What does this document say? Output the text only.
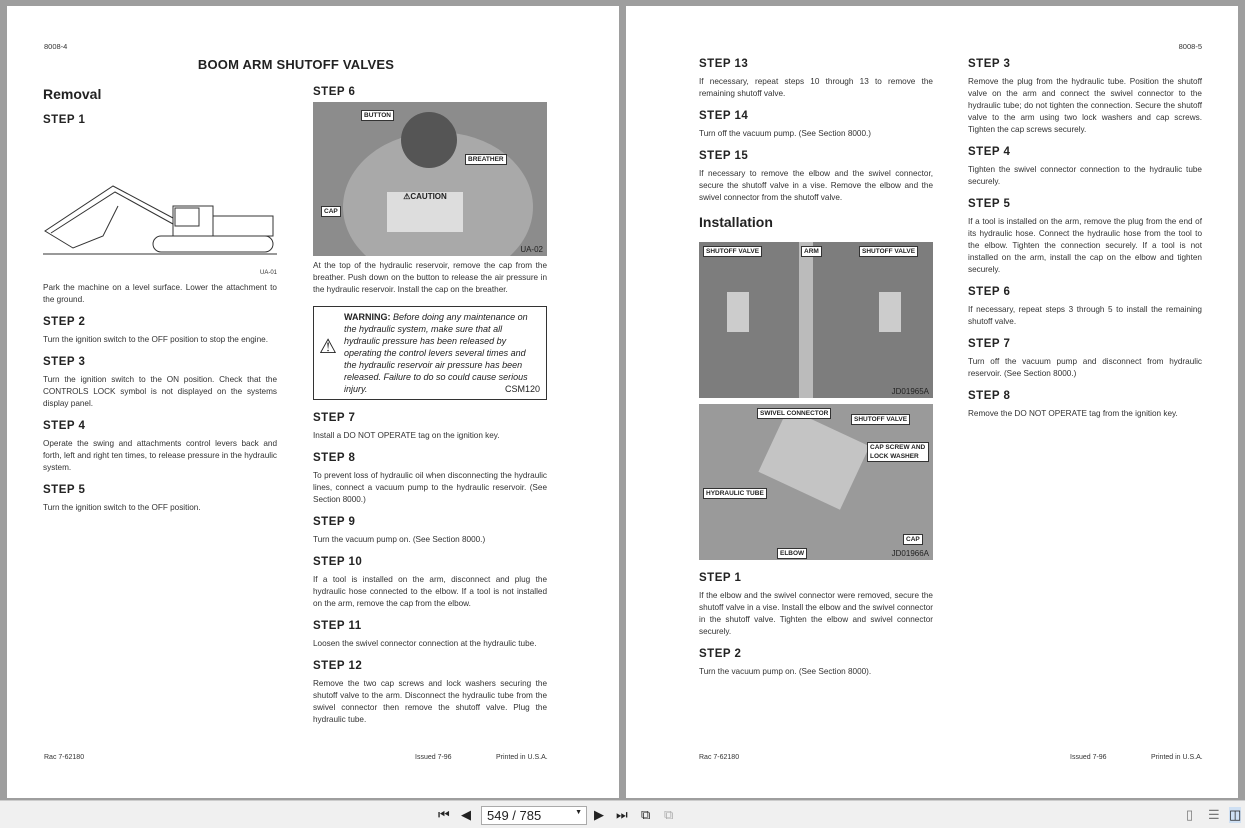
8008-4
BOOM ARM SHUTOFF VALVES
Removal
STEP 1
UA-01

Park the machine on a level surface. Lower the attachment to the ground.

STEP 2

Turn the ignition switch to the OFF position to stop the engine.

STEP 3

Turn the ignition switch to the ON position. Check that the CONTROLS LOCK symbol is not displayed on the systems display panel.

STEP 4

Operate the swing and attachments control levers back and forth, left and right ten times, to release pressure in the hydraulic system.

STEP 5

Turn the ignition switch to the OFF position.

STEP 6
⚠CAUTION
BUTTON
BREATHER
CAP
UA-02

At the top of the hydraulic reservoir, remove the cap from the breather. Push down on the button to release the air pressure in the hydraulic reservoir. Install the cap on the breather.

⚠
WARNING: Before doing any maintenance on the hydraulic system, make sure that all hydraulic pressure has been released by operating the control levers several times and the hydraulic reservoir air pressure has been released. Failure to do so could cause serious injury.	CSM120
STEP 7

Install a DO NOT OPERATE tag on the ignition key.

STEP 8

To prevent loss of hydraulic oil when disconnecting the hydraulic lines, connect a vacuum pump to the hydraulic reservoir. (See Section 8000.)

STEP 9

Turn the vacuum pump on. (See Section 8000.)

STEP 10

If a tool is installed on the arm, disconnect and plug the hydraulic hose connected to the elbow. If a tool is not installed on the arm, remove the cap from the elbow.

STEP 11

Loosen the swivel connector connection at the hydraulic tube.

STEP 12

Remove the two cap screws and lock washers securing the shutoff valve to the arm. Disconnect the hydraulic tube from the swivel connector then remove the shutoff valve. Plug the hydraulic tube.

Rac 7-62180	Issued 7-96	Printed in U.S.A.
8008-5
STEP 13

If necessary, repeat steps 10 through 13 to remove the remaining shutoff valve.

STEP 14

Turn off the vacuum pump. (See Section 8000.)

STEP 15

If necessary to remove the elbow and the swivel connector, secure the shutoff valve in a vise. Remove the elbow and the swivel connector from the shutoff valve.

Installation
SHUTOFF VALVE	ARM	SHUTOFF VALVE
JD01965A
SWIVEL CONNECTOR
SHUTOFF VALVE
CAP SCREW AND LOCK WASHER
HYDRAULIC TUBE
CAP
ELBOW	JD01966A
STEP 1

If the elbow and the swivel connector were removed, secure the shutoff valve in a vise. Install the elbow and the swivel connector in the shutoff valve. Tighten the elbow and swivel connector securely.

STEP 2

Turn the vacuum pump on. (See Section 8000).

STEP 3

Remove the plug from the hydraulic tube. Position the shutoff valve on the arm and connect the swivel connector to the hydraulic tube; do not tighten the connection. Secure the shutoff valve to the arm using two lock washers and cap screws. Tighten the cap screws securely.

STEP 4

Tighten the swivel connector connection to the hydraulic tube securely.

STEP 5

If a tool is installed on the arm, remove the plug from the end of its hydraulic hose. Connect the hydraulic hose from the tool to the elbow. Tighten the connection securely. If a tool is not installed on the arm, install the cap on the elbow and tighten securely.

STEP 6

If necessary, repeat steps 3 through 5 to install the remaining shutoff valve.

STEP 7

Turn off the vacuum pump and disconnect from hydraulic reservoir. (See Section 8000.)

STEP 8

Remove the DO NOT OPERATE tag from the ignition key.

Rac 7-62180	Issued 7-96	Printed in U.S.A.
⏮ ◀	549 / 785	▼ ▶ ⏭ ⧉ ⧉	▯ ☰ ◫
